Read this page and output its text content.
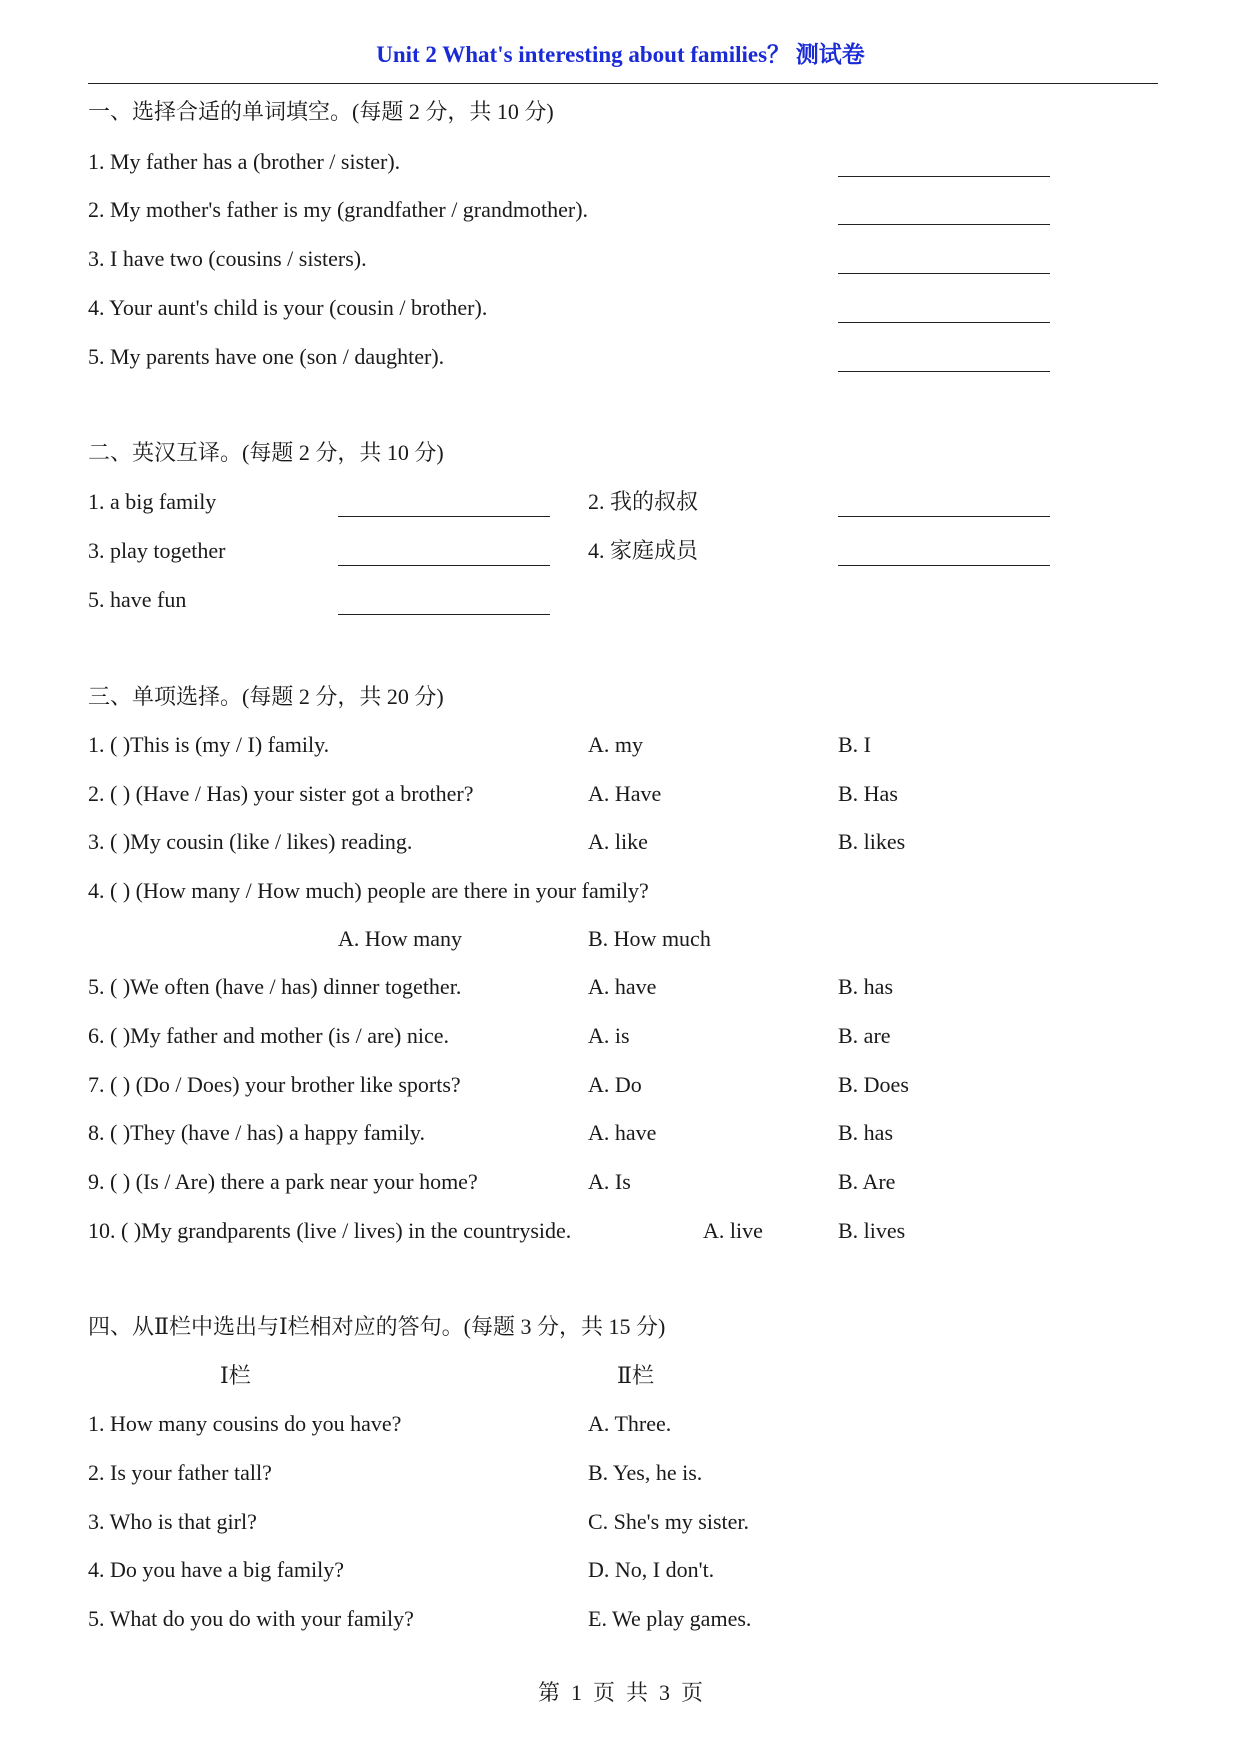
Unit 2 What's interesting about families？ 测试卷
一、选择合适的单词填空。(每题 2 分，共 10 分)
1. My father has a (brother / sister).
2. My mother's father is my (grandfather / grandmother).
3. I have two (cousins / sisters).
4. Your aunt's child is your (cousin / brother).
5. My parents have one (son / daughter).
二、英汉互译。(每题 2 分，共 10 分)
1. a big family	2. 我的叔叔
3. play together	4. 家庭成员
5. have fun
三、单项选择。(每题 2 分，共 20 分)
1. ( )This is (my / I) family.	A. my	B. I
2. ( ) (Have / Has) your sister got a brother?	A. Have	B. Has
3. ( )My cousin (like / likes) reading.	A. like	B. likes
4. ( ) (How many / How much) people are there in your family?
A. How many	B. How much
5. ( )We often (have / has) dinner together.	A. have	B. has
6. ( )My father and mother (is / are) nice.	A. is	B. are
7. ( ) (Do / Does) your brother like sports?	A. Do	B. Does
8. ( )They (have / has) a happy family.	A. have	B. has
9. ( ) (Is / Are) there a park near your home?	A. Is	B. Are
10. ( )My grandparents (live / lives) in the countryside.	A. live	B. lives
四、从Ⅱ栏中选出与Ⅰ栏相对应的答句。(每题 3 分，共 15 分)
Ⅰ栏	Ⅱ栏
1. How many cousins do you have?	A. Three.
2. Is your father tall?	B. Yes, he is.
3. Who is that girl?	C. She's my sister.
4. Do you have a big family?	D. No, I don't.
5. What do you do with your family?	E. We play games.
第  1  页  共  3  页
